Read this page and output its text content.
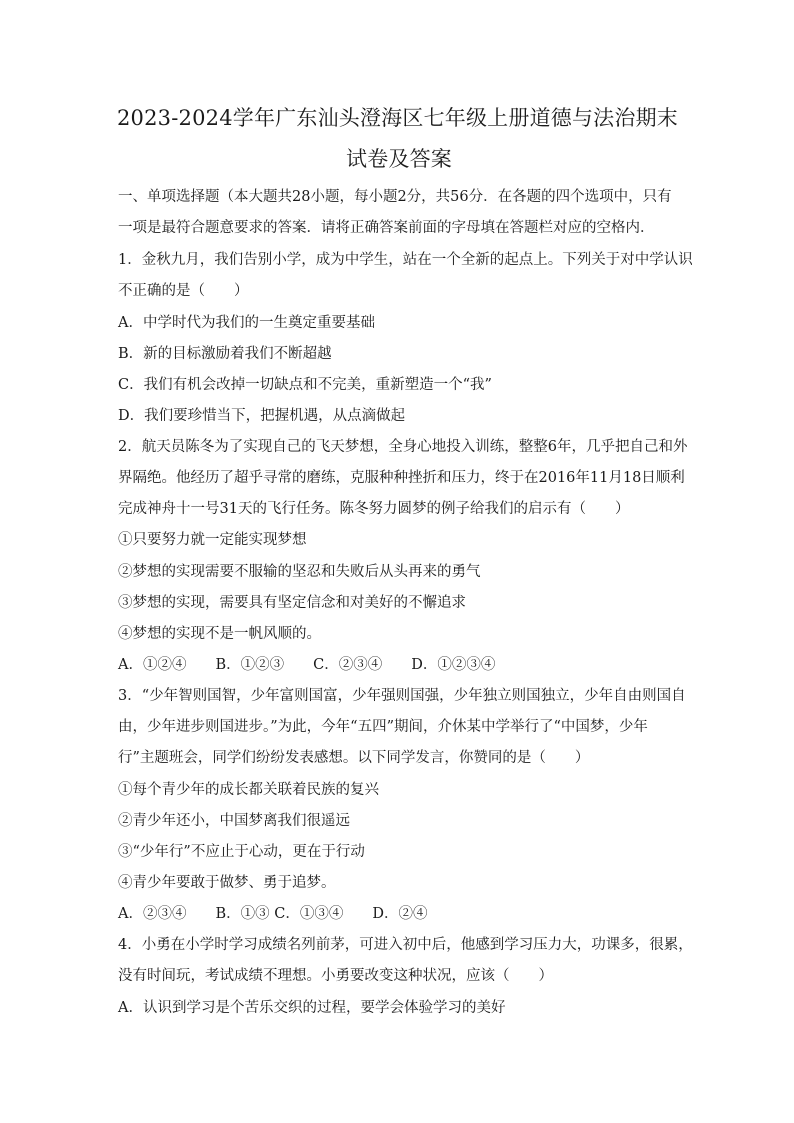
2023-2024学年广东汕头澄海区七年级上册道德与法治期末
试卷及答案
一、单项选择题（本大题共28小题，每小题2分，共56分．在各题的四个选项中，只有
一项是最符合题意要求的答案．请将正确答案前面的字母填在答题栏对应的空格内．
1．金秋九月，我们告别小学，成为中学生，站在一个全新的起点上。下列关于对中学认识
不正确的是（　　）
A．中学时代为我们的一生奠定重要基础
B．新的目标激励着我们不断超越
C．我们有机会改掉一切缺点和不完美，重新塑造一个“我”
D．我们要珍惜当下，把握机遇，从点滴做起
2．航天员陈冬为了实现自己的飞天梦想，全身心地投入训练，整整6年，几乎把自己和外
界隔绝。他经历了超乎寻常的磨练，克服种种挫折和压力，终于在2016年11月18日顺利
完成神舟十一号31天的飞行任务。陈冬努力圆梦的例子给我们的启示有（　　）
①只要努力就一定能实现梦想
②梦想的实现需要不服输的坚忍和失败后从头再来的勇气
③梦想的实现，需要具有坚定信念和对美好的不懈追求
④梦想的实现不是一帆风顺的。
A．①②④　　B．①②③　　C．②③④　　D．①②③④
3．“少年智则国智，少年富则国富，少年强则国强，少年独立则国独立，少年自由则国自
由，少年进步则国进步。”为此，今年“五四”期间，介休某中学举行了“中国梦，少年
行”主题班会，同学们纷纷发表感想。以下同学发言，你赞同的是（　　）
①每个青少年的成长都关联着民族的复兴
②青少年还小，中国梦离我们很遥远
③“少年行”不应止于心动，更在于行动
④青少年要敢于做梦、勇于追梦。
A．②③④　　B．①③ C．①③④　　D．②④
4．小勇在小学时学习成绩名列前茅，可进入初中后，他感到学习压力大，功课多，很累，
没有时间玩，考试成绩不理想。小勇要改变这种状况，应该（　　）
A．认识到学习是个苦乐交织的过程，要学会体验学习的美好
